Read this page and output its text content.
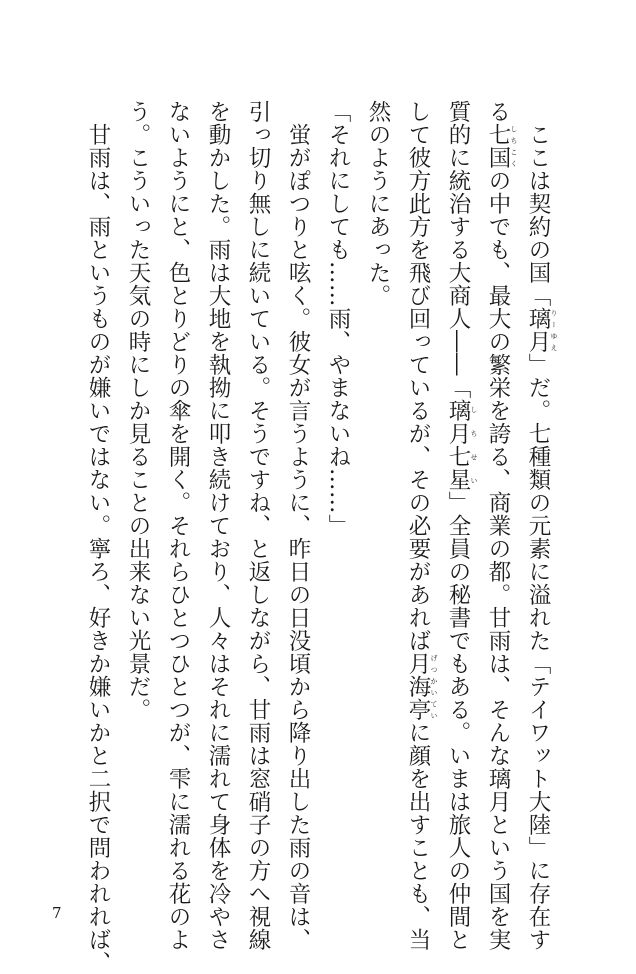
ここは契約の国「璃月 りーゆえ」だ。七種類の元素に溢れた「テイワット大陸」に存在す
る七国 しちこくの中でも、最大の繁栄を誇る、商業の都。甘雨は、そんな璃月という国を実
質的に統治する大商人――「璃月七星 しちせい」全員の秘書でもある。いまは旅人の仲間と
して彼方此方を飛び回っているが、その必要があれば月海亭 げつかいていに顔を出すことも、当
然のようにあった。
「それにしても……雨、やまないね……」
蛍がぽつりと呟く。彼女が言うように、昨日の日没頃から降り出した雨の音は、
引っ切り無しに続いている。そうですね、と返しながら、甘雨は窓硝子の方へ視線
を動かした。雨は大地を執拗に叩き続けており、人々はそれに濡れて身体を冷やさ
ないようにと、色とりどりの傘を開く。それらひとつひとつが、雫に濡れる花のよ
う。こういった天気の時にしか見ることの出来ない光景だ。
甘雨は、雨というものが嫌いではない。寧ろ、好きか嫌いかと二択で問われれば、
7
